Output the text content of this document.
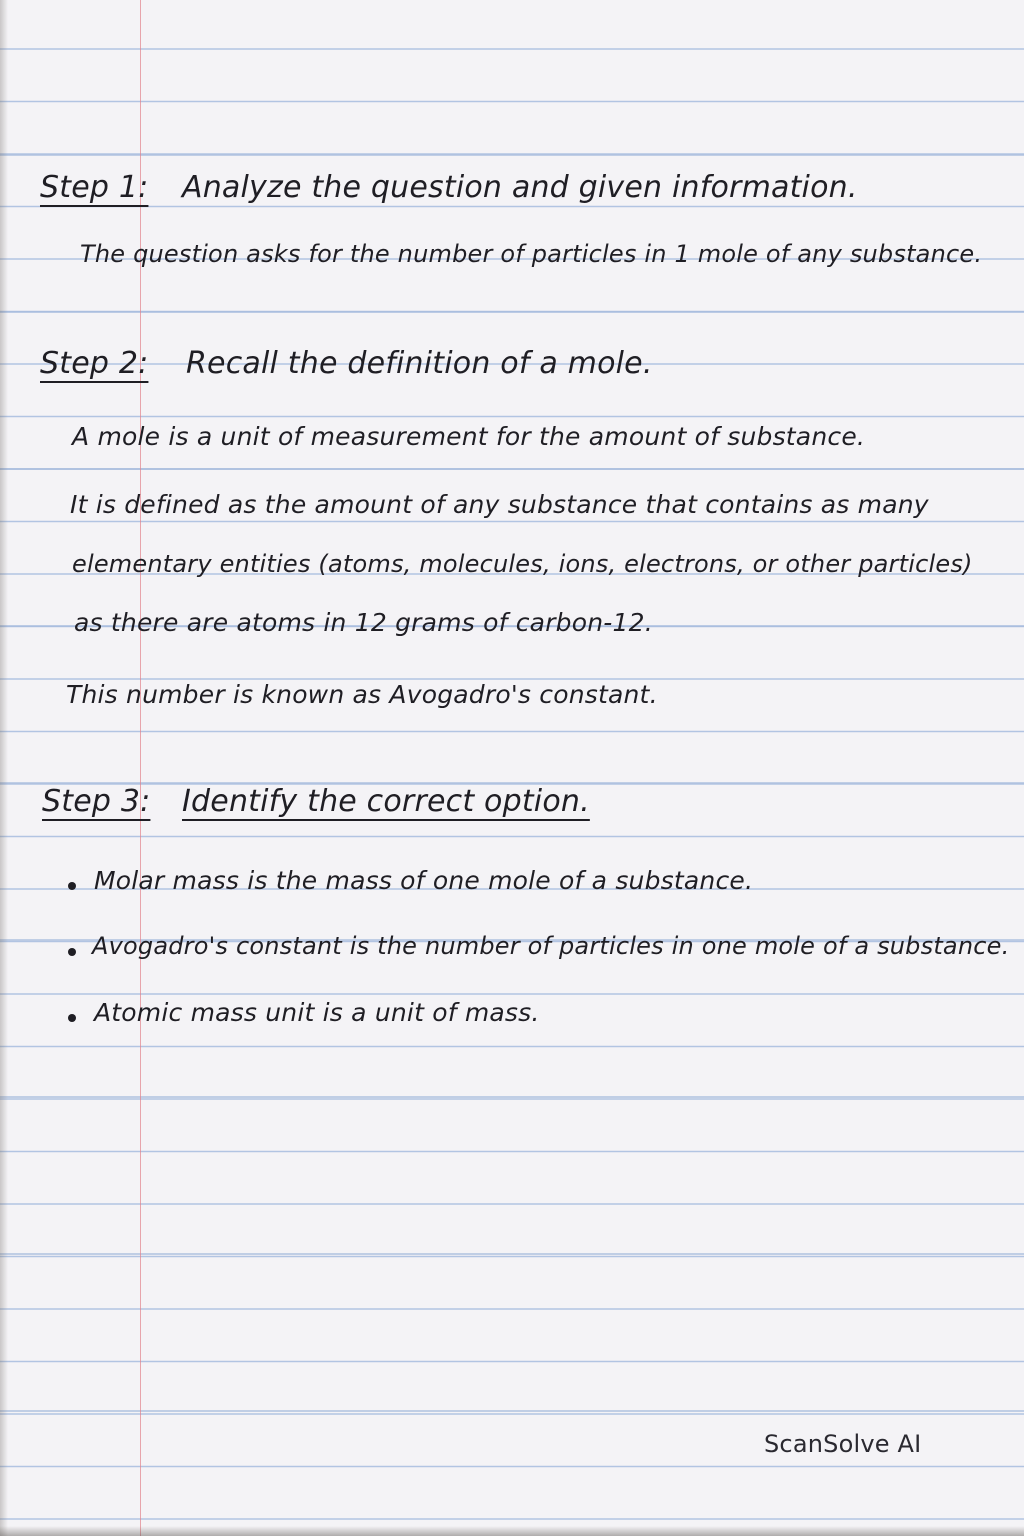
Step 1: Analyze the question and given information.
The question asks for the number of particles in 1 mole of any substance.
Step 2: Recall the definition of a mole.
A mole is a unit of measurement for the amount of substance.
It is defined as the amount of any substance that contains as many
elementary entities (atoms, molecules, ions, electrons, or other particles)
as there are atoms in 12 grams of carbon-12.
This number is known as Avogadro's constant.
Step 3: Identify the correct option.
Molar mass is the mass of one mole of a substance.
Avogadro's constant is the number of particles in one mole of a substance.
Atomic mass unit is a unit of mass.
ScanSolve AI
